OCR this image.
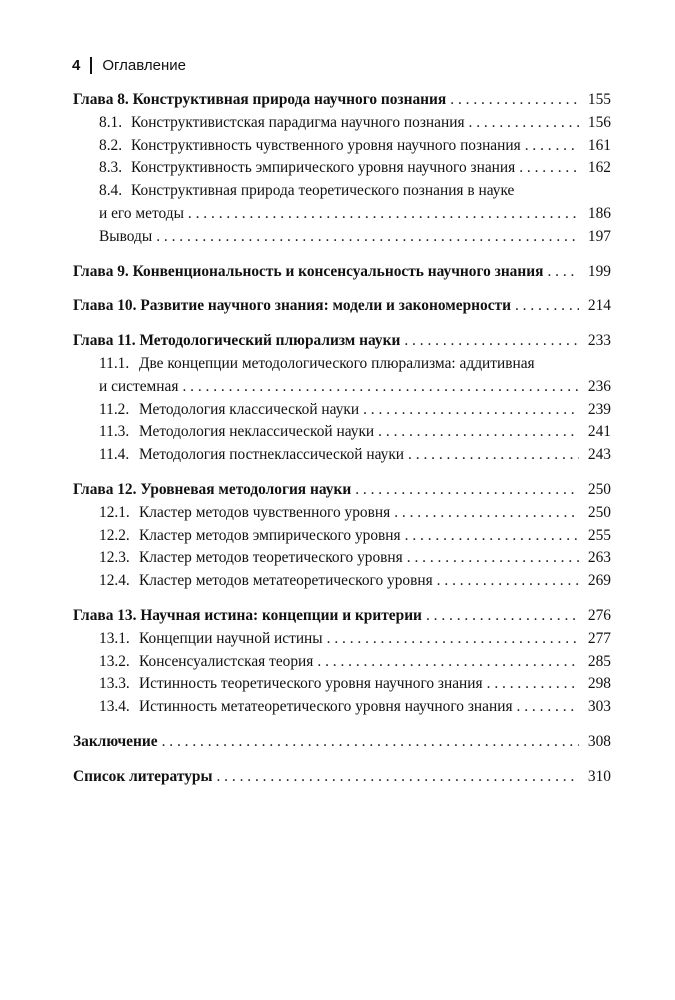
4 Оглавление
Глава 8. Конструктивная природа научного познания . . .	155
8.1. Конструктивистская парадигма научного познания . . .	156
8.2. Конструктивность чувственного уровня научного познания . . .	161
8.3. Конструктивность эмпирического уровня научного знания . . .	162
8.4. Конструктивная природа теоретического познания в науке
и его методы . . .	186
Выводы . . .	197
Глава 9. Конвенциональность и консенсуальность научного знания . . .	199
Глава 10. Развитие научного знания: модели и закономерности . . .	214
Глава 11. Методологический плюрализм науки . . .	233
11.1. Две концепции методологического плюрализма: аддитивная
и системная . . .	236
11.2. Методология классической науки . . .	239
11.3. Методология неклассической науки . . .	241
11.4. Методология постнеклассической науки . . .	243
Глава 12. Уровневая методология науки . . .	250
12.1. Кластер методов чувственного уровня . . .	250
12.2. Кластер методов эмпирического уровня . . .	255
12.3. Кластер методов теоретического уровня . . .	263
12.4. Кластер методов метатеоретического уровня . . .	269
Глава 13. Научная истина: концепции и критерии . . .	276
13.1. Концепции научной истины . . .	277
13.2. Консенсуалистская теория . . .	285
13.3. Истинность теоретического уровня научного знания . . .	298
13.4. Истинность метатеоретического уровня научного знания . . .	303
Заключение . . .	308
Список литературы . . .	310
